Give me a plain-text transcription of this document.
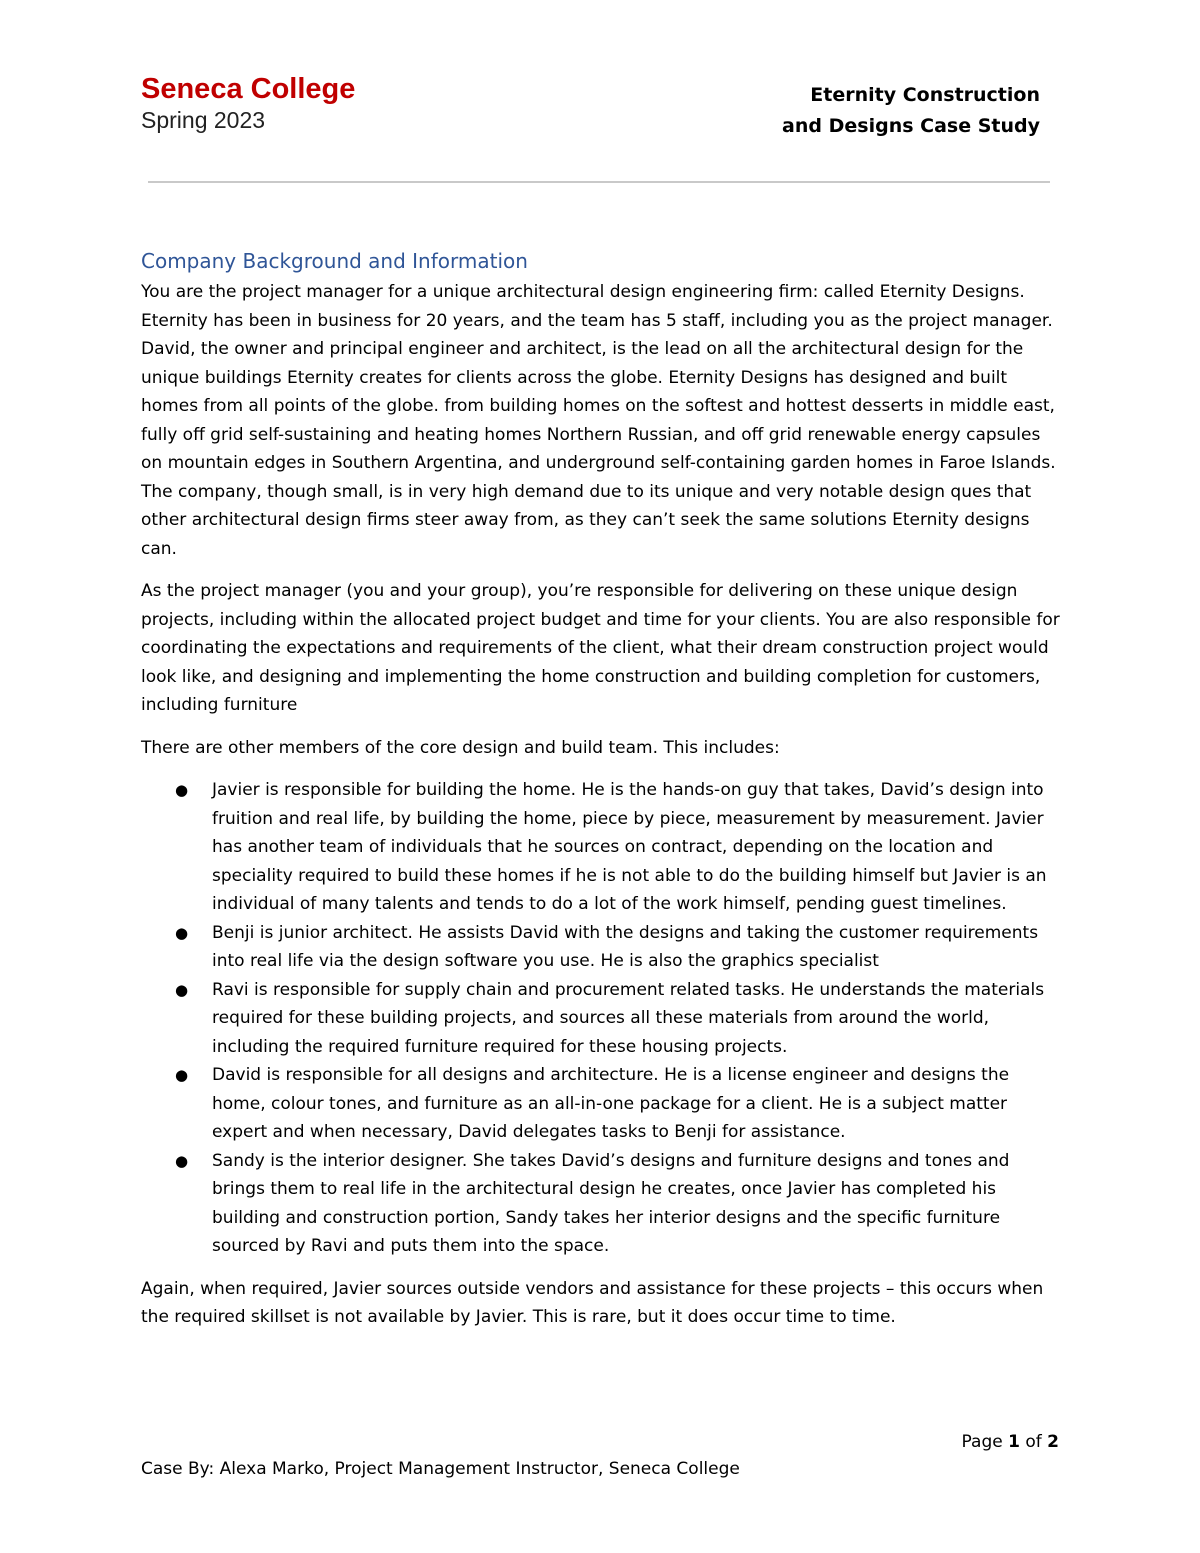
Seneca College
Spring 2023
Eternity Construction
and Designs Case Study
Company Background and Information

You are the project manager for a unique architectural design engineering firm: called Eternity Designs. Eternity has been in business for 20 years, and the team has 5 staff, including you as the project manager. David, the owner and principal engineer and architect, is the lead on all the architectural design for the unique buildings Eternity creates for clients across the globe. Eternity Designs has designed and built homes from all points of the globe. from building homes on the softest and hottest desserts in middle east, fully off grid self-sustaining and heating homes Northern Russian, and off grid renewable energy capsules on mountain edges in Southern Argentina, and underground self-containing garden homes in Faroe Islands. The company, though small, is in very high demand due to its unique and very notable design ques that other architectural design firms steer away from, as they can’t seek the same solutions Eternity designs can.

As the project manager (you and your group), you’re responsible for delivering on these unique design projects, including within the allocated project budget and time for your clients. You are also responsible for coordinating the expectations and requirements of the client, what their dream construction project would look like, and designing and implementing the home construction and building completion for customers, including furniture

There are other members of the core design and build team. This includes:

● Javier is responsible for building the home. He is the hands-on guy that takes, David’s design into fruition and real life, by building the home, piece by piece, measurement by measurement. Javier has another team of individuals that he sources on contract, depending on the location and speciality required to build these homes if he is not able to do the building himself but Javier is an individual of many talents and tends to do a lot of the work himself, pending guest timelines.
● Benji is junior architect. He assists David with the designs and taking the customer requirements into real life via the design software you use. He is also the graphics specialist
● Ravi is responsible for supply chain and procurement related tasks. He understands the materials required for these building projects, and sources all these materials from around the world, including the required furniture required for these housing projects.
● David is responsible for all designs and architecture. He is a license engineer and designs the home, colour tones, and furniture as an all-in-one package for a client. He is a subject matter expert and when necessary, David delegates tasks to Benji for assistance.
● Sandy is the interior designer. She takes David’s designs and furniture designs and tones and brings them to real life in the architectural design he creates, once Javier has completed his building and construction portion, Sandy takes her interior designs and the specific furniture sourced by Ravi and puts them into the space.

Again, when required, Javier sources outside vendors and assistance for these projects – this occurs when the required skillset is not available by Javier. This is rare, but it does occur time to time.

Page 1 of 2
Case By: Alexa Marko, Project Management Instructor, Seneca College
